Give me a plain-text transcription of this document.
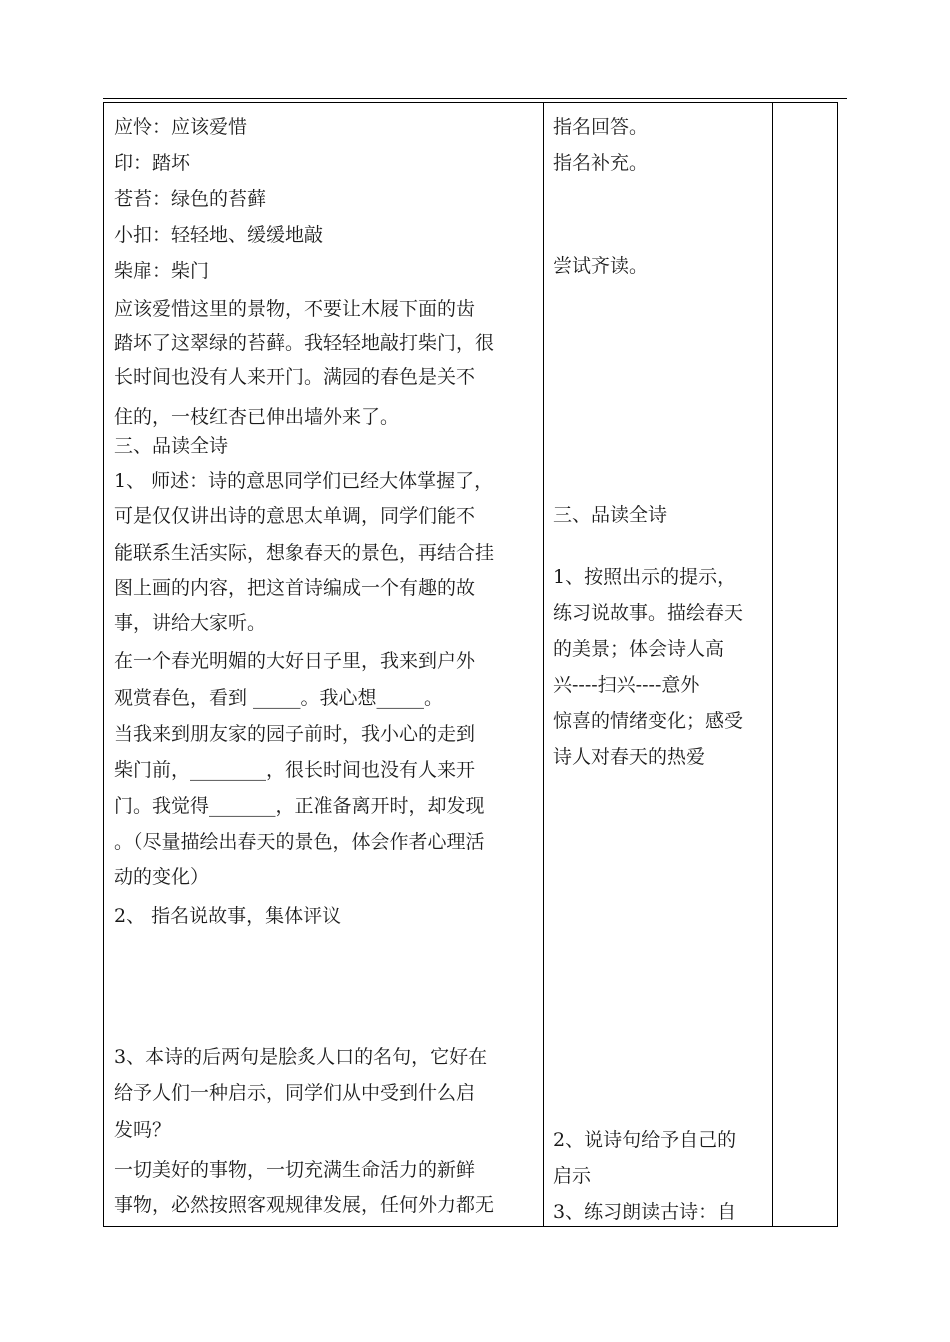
应怜：应该爱惜
印：踏坏
苍苔：绿色的苔藓
小扣：轻轻地、缓缓地敲
柴扉：柴门
应该爱惜这里的景物，不要让木屐下面的齿
踏坏了这翠绿的苔藓。我轻轻地敲打柴门，很
长时间也没有人来开门。满园的春色是关不
住的，一枝红杏已伸出墙外来了。
三、品读全诗
1、 师述：诗的意思同学们已经大体掌握了，
可是仅仅讲出诗的意思太单调，同学们能不
能联系生活实际，想象春天的景色，再结合挂
图上画的内容，把这首诗编成一个有趣的故
事，讲给大家听。
在一个春光明媚的大好日子里，我来到户外
观赏春色，看到 _____。我心想_____。
当我来到朋友家的园子前时，我小心的走到
柴门前，________，很长时间也没有人来开
门。我觉得_______，正准备离开时，却发现
。（尽量描绘出春天的景色，体会作者心理活
动的变化）
2、 指名说故事，集体评议
3、本诗的后两句是脍炙人口的名句，它好在
给予人们一种启示，同学们从中受到什么启
发吗？
一切美好的事物，一切充满生命活力的新鲜
事物，必然按照客观规律发展，任何外力都无
指名回答。
指名补充。
尝试齐读。
三、品读全诗
1、按照出示的提示，
练习说故事。描绘春天
的美景；体会诗人高
兴----扫兴----意外
惊喜的情绪变化；感受
诗人对春天的热爱
2、说诗句给予自己的
启示
3、练习朗读古诗：自
